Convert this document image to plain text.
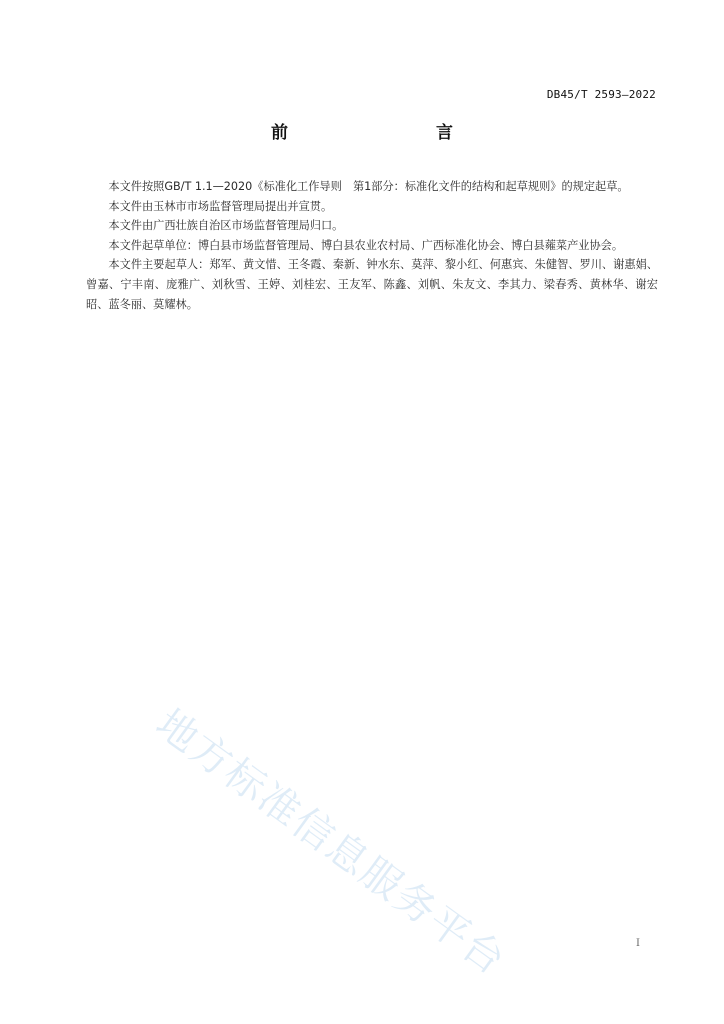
DB45/T 2593—2022
前　　言

本文件按照GB/T 1.1—2020《标准化工作导则　第1部分：标准化文件的结构和起草规则》的规定起草。

本文件由玉林市市场监督管理局提出并宣贯。

本文件由广西壮族自治区市场监督管理局归口。

本文件起草单位：博白县市场监督管理局、博白县农业农村局、广西标准化协会、博白县蕹菜产业协会。

本文件主要起草人：郑军、黄文惜、王冬霞、秦新、钟水东、莫萍、黎小红、何惠宾、朱健智、罗川、谢惠娟、曾嘉、宁丰南、庞雅广、刘秋雪、王婷、刘桂宏、王友军、陈鑫、刘帆、朱友文、李其力、梁春秀、黄林华、谢宏昭、蓝冬丽、莫耀林。

地方标准信息服务平台	I
